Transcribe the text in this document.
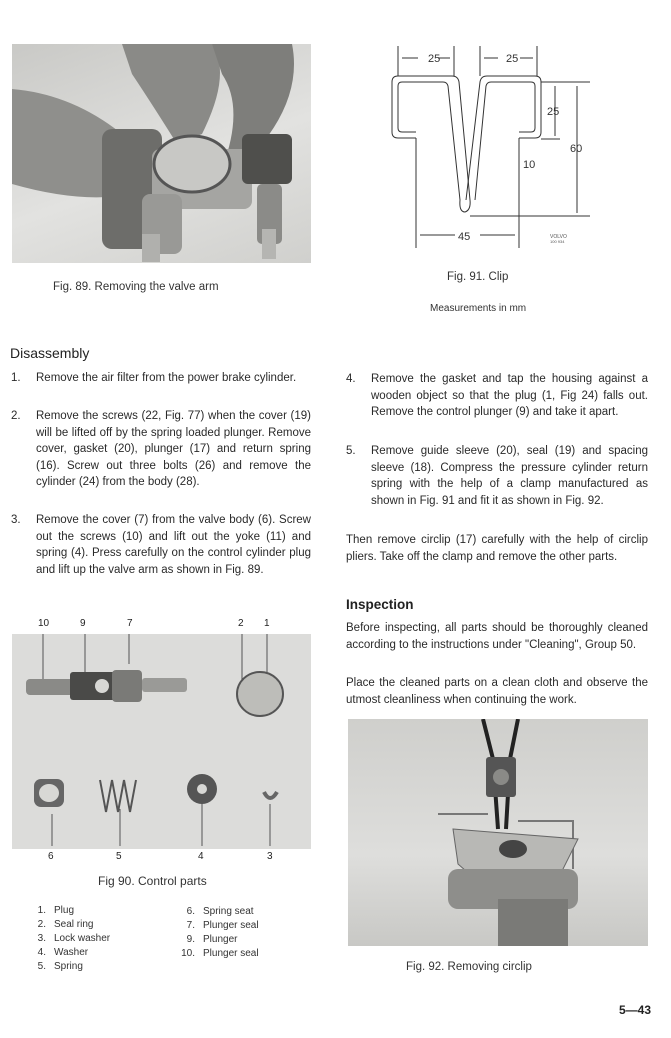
Fig. 89. Removing the valve arm
25	25
25
60
10
45	VOLVO
100 934
Fig. 91. Clip
Measurements in mm
Disassembly
1. Remove the air filter from the power brake cylinder.
2. Remove the screws (22, Fig. 77) when the cover (19) will be lifted off by the spring loaded plunger. Remove cover, gasket (20), plunger (17) and return spring (16). Screw out three bolts (26) and remove the cylinder (24) from the body (28).
3. Remove the cover (7) from the valve body (6). Screw out the screws (10) and lift out the yoke (11) and spring (4). Press carefully on the control cylinder plug and lift up the valve arm as shown in Fig. 89.
10	9	7	2 1
6	5	4	3
Fig 90. Control parts
1. Plug
2. Seal ring
3. Lock washer
4. Washer
5. Spring
6. Spring seat
7. Plunger seal
9. Plunger
10. Plunger seal
4. Remove the gasket and tap the housing against a wooden object so that the plug (1, Fig 24) falls out. Remove the control plunger (9) and take it apart.
5. Remove guide sleeve (20), seal (19) and spacing sleeve (18). Compress the pressure cylinder return spring with the help of a clamp manufactured as shown in Fig. 91 and fit it as shown in Fig. 92.
Then remove circlip (17) carefully with the help of circlip pliers. Take off the clamp and remove the other parts.
Inspection
Before inspecting, all parts should be thoroughly cleaned according to the instructions under "Cleaning", Group 50.
Place the cleaned parts on a clean cloth and observe the utmost cleanliness when continuing the work.
Fig. 92. Removing circlip
5—43
